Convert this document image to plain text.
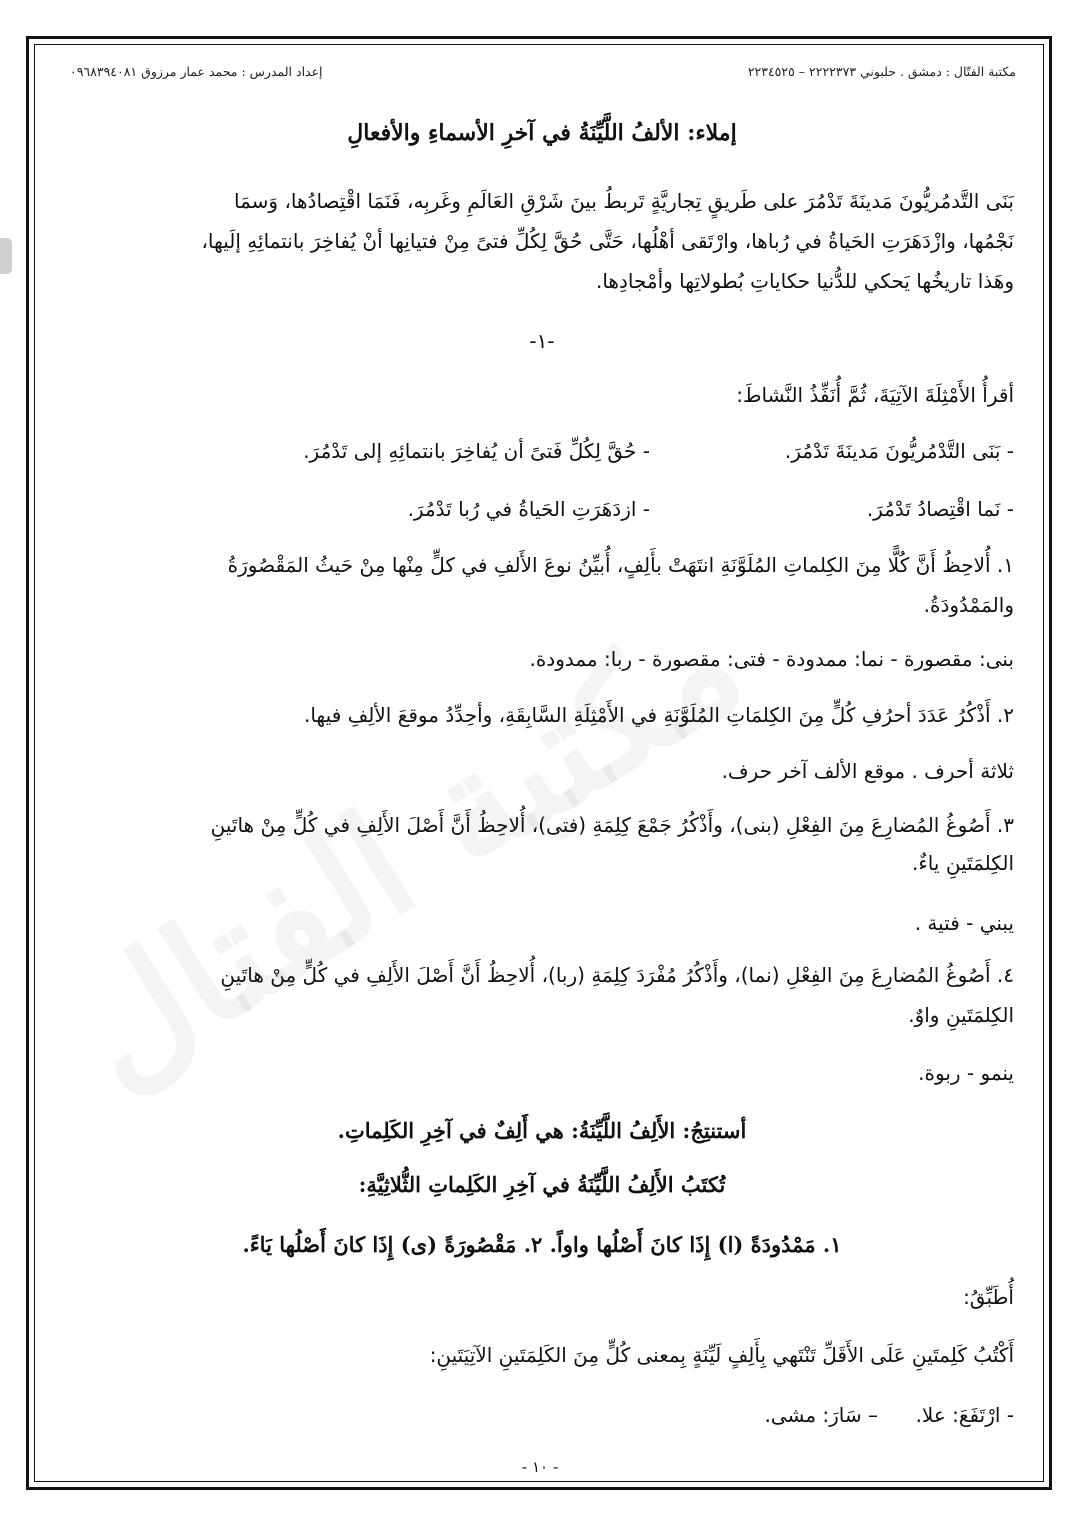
مكتبة الفتّال : دمشق . حلبوني ٢٢٢٢٣٧٣ – ٢٢٣٤٥٢٥
إعداد المدرس : محمد عمار مرزوق ٠٩٦٨٣٩٤٠٨١
إملاء: الألفُ اللَّيِّنَةُ في آخرِ الأسماءِ والأفعالِ
بَنَى التَّدمُريُّونَ مَدينَةَ تَدْمُرَ على طَريقٍ تِجاريَّةٍ تَربطُ بينَ شَرْقِ العَالَمِ وغَربِه، فَنَمَا اقْتِصادُها، وَسمَا
نَجْمُها، وازْدَهَرَتِ الحَياةُ في رُباها، وارْتَقى أهْلُها، حَتَّى حُقَّ لِكُلِّ فتىً مِنْ فتيانِها أنْ يُفاخِرَ بانتمائِهِ إلَيها،
وهَذا تاريخُها يَحكي للدُّنيا حكاياتِ بُطولاتِها وأمْجادِها.
-١-
أقرأُ الأَمْثِلَةَ الآتِيَةَ، ثُمَّ أُنَفِّذُ النَّشاطَ:
- بَنَى التَّدْمُريُّونَ مَدينَةَ تَدْمُرَ.
- حُقَّ لِكُلِّ فَتىً أن يُفاخِرَ بانتمائِهِ إلى تَدْمُرَ.
- نَما اقْتِصادُ تَدْمُرَ.
- ازدَهَرَتِ الحَياةُ في رُبا تَدْمُرَ.
١. أُلاحِظُ أَنَّ كُلًّا مِنَ الكِلماتِ المُلَوَّنَةِ انتَهَتْ بأَلِفٍ، أُبيِّنُ نوعَ الأَلفِ في كلٍّ مِنْها مِنْ حَيثُ المَقْصُورَةُ
والمَمْدُودَةُ.
بنى: مقصورة - نما: ممدودة - فتى: مقصورة - ربا: ممدودة.
٢. أَذْكُرُ عَدَدَ أحرُفِ كُلٍّ مِنَ الكِلمَاتِ المُلَوَّنَةِ في الأَمْثِلَةِ السَّابِقَةِ، وأحِدِّدُ موقعَ الألِفِ فيها.
ثلاثة أحرف . موقع الألف آخر حرف.
٣. أَصُوغُ المُضارِعَ مِنَ الفِعْلِ (بنى)، وأَذْكُرُ جَمْعَ كِلِمَةِ (فتى)، أُلاحِظُ أَنَّ أَصْلَ الأَلِفِ في كُلٍّ مِنْ هاتَينِ
الكِلمَتَينِ ياءٌ.
يبني - فتية .
٤. أَصُوغُ المُضارِعَ مِنَ الفِعْلِ (نما)، وأَذْكُرُ مُفْرَدَ كِلِمَةِ (ربا)، أُلاحِظُ أَنَّ أَصْلَ الأَلِفِ في كُلٍّ مِنْ هاتَينِ
الكِلمَتَينِ واوٌ.
ينمو - ربوة.
أستنتِجُ: الأَلِفُ اللَّيِّنَةُ: هي أَلِفٌ في آخِرِ الكَلِماتِ.
تُكتَبُ الأَلِفُ اللَّيِّنَةُ في آخِرِ الكَلِماتِ الثُّلاثِيَّةِ:
١. مَمْدُودَةً (ا) إِذَا كانَ أَصْلُها واواً. ٢. مَقْصُورَةً (ى) إِذَا كانَ أَصْلُها يَاءً.
أُطَبِّقُ:
أَكْتُبُ كَلِمتَينِ عَلَى الأَقَلِّ تَنْتَهي بِأَلِفٍ لَيِّنَةٍ بِمعنى كُلٍّ مِنَ الكَلِمَتَينِ الآتِيَتَينِ:
- ارْتَفَعَ: علا.
– سَارَ: مشى.
- ١٠ -
